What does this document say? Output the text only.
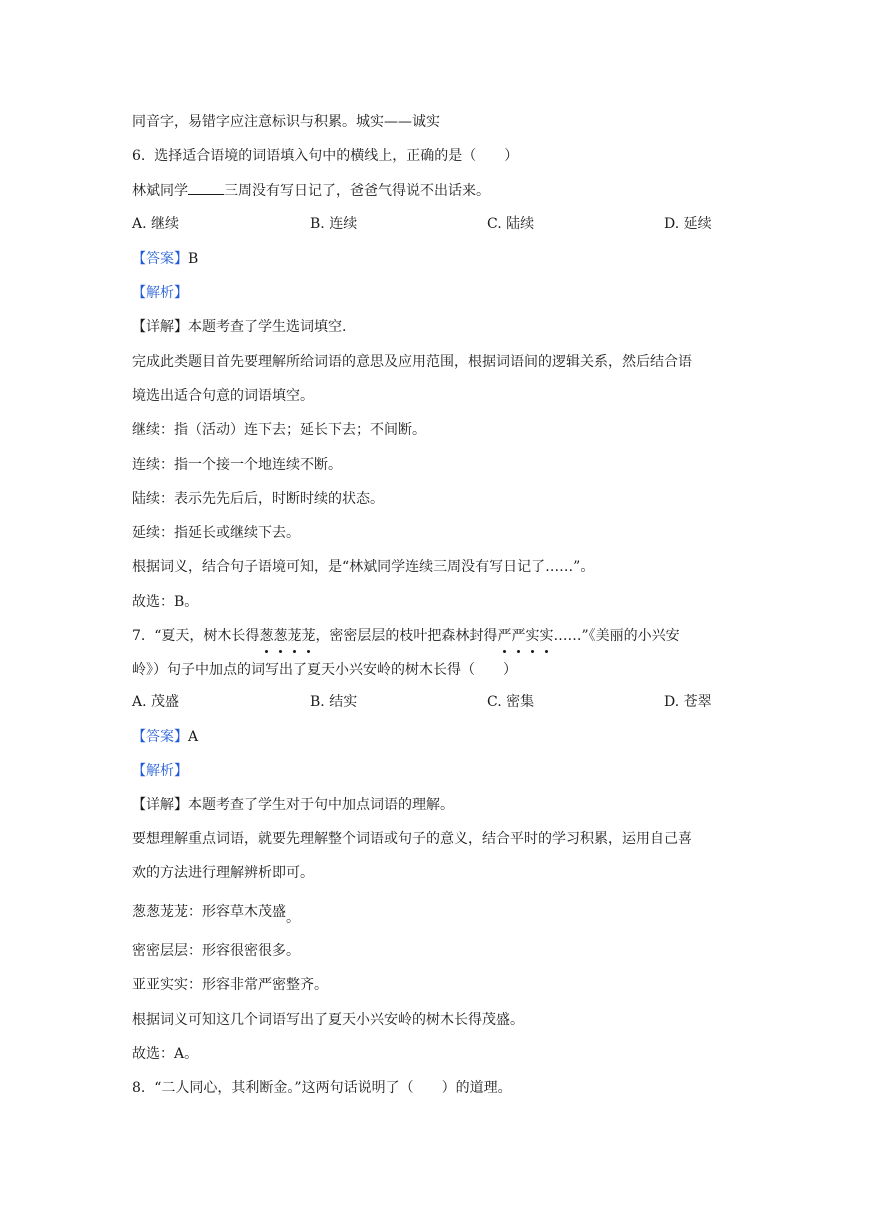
同音字，易错字应注意标识与积累。城实——诚实
6. 选择适合语境的词语填入句中的横线上，正确的是（ ）
林斌同学	三周没有写日记了，爸爸气得说不出话来。
A. 继续	B. 连续	C. 陆续	D. 延续
【答案】B
【解析】
【详解】本题考查了学生选词填空.
完成此类题目首先要理解所给词语的意思及应用范围，根据词语间的逻辑关系，然后结合语
境选出适合句意的词语填空。
继续：指（活动）连下去；延长下去；不间断。
连续：指一个接一个地连续不断。
陆续：表示先先后后，时断时续的状态。
延续：指延长或继续下去。
根据词义，结合句子语境可知，是“林斌同学连续三周没有写日记了……”。
故选：B。
7. “夏天，树木长得葱葱茏茏，密密层层的枝叶把森林封得严严实实……”《美丽的小兴安
岭》）句子中加点的词写出了夏天小兴安岭的树木长得（ ）
A. 茂盛	B. 结实	C. 密集	D. 苍翠
【答案】A
【解析】
【详解】本题考查了学生对于句中加点词语的理解。
要想理解重点词语，就要先理解整个词语或句子的意义，结合平时的学习积累，运用自己喜
欢的方法进行理解辨析即可。
葱葱茏茏：形容草木茂盛。
密密层层：形容很密很多。
亚亚实实：形容非常严密整齐。
根据词义可知这几个词语写出了夏天小兴安岭的树木长得茂盛。
故选：A。
8. “二人同心，其利断金。”这两句话说明了（ ）的道理。
